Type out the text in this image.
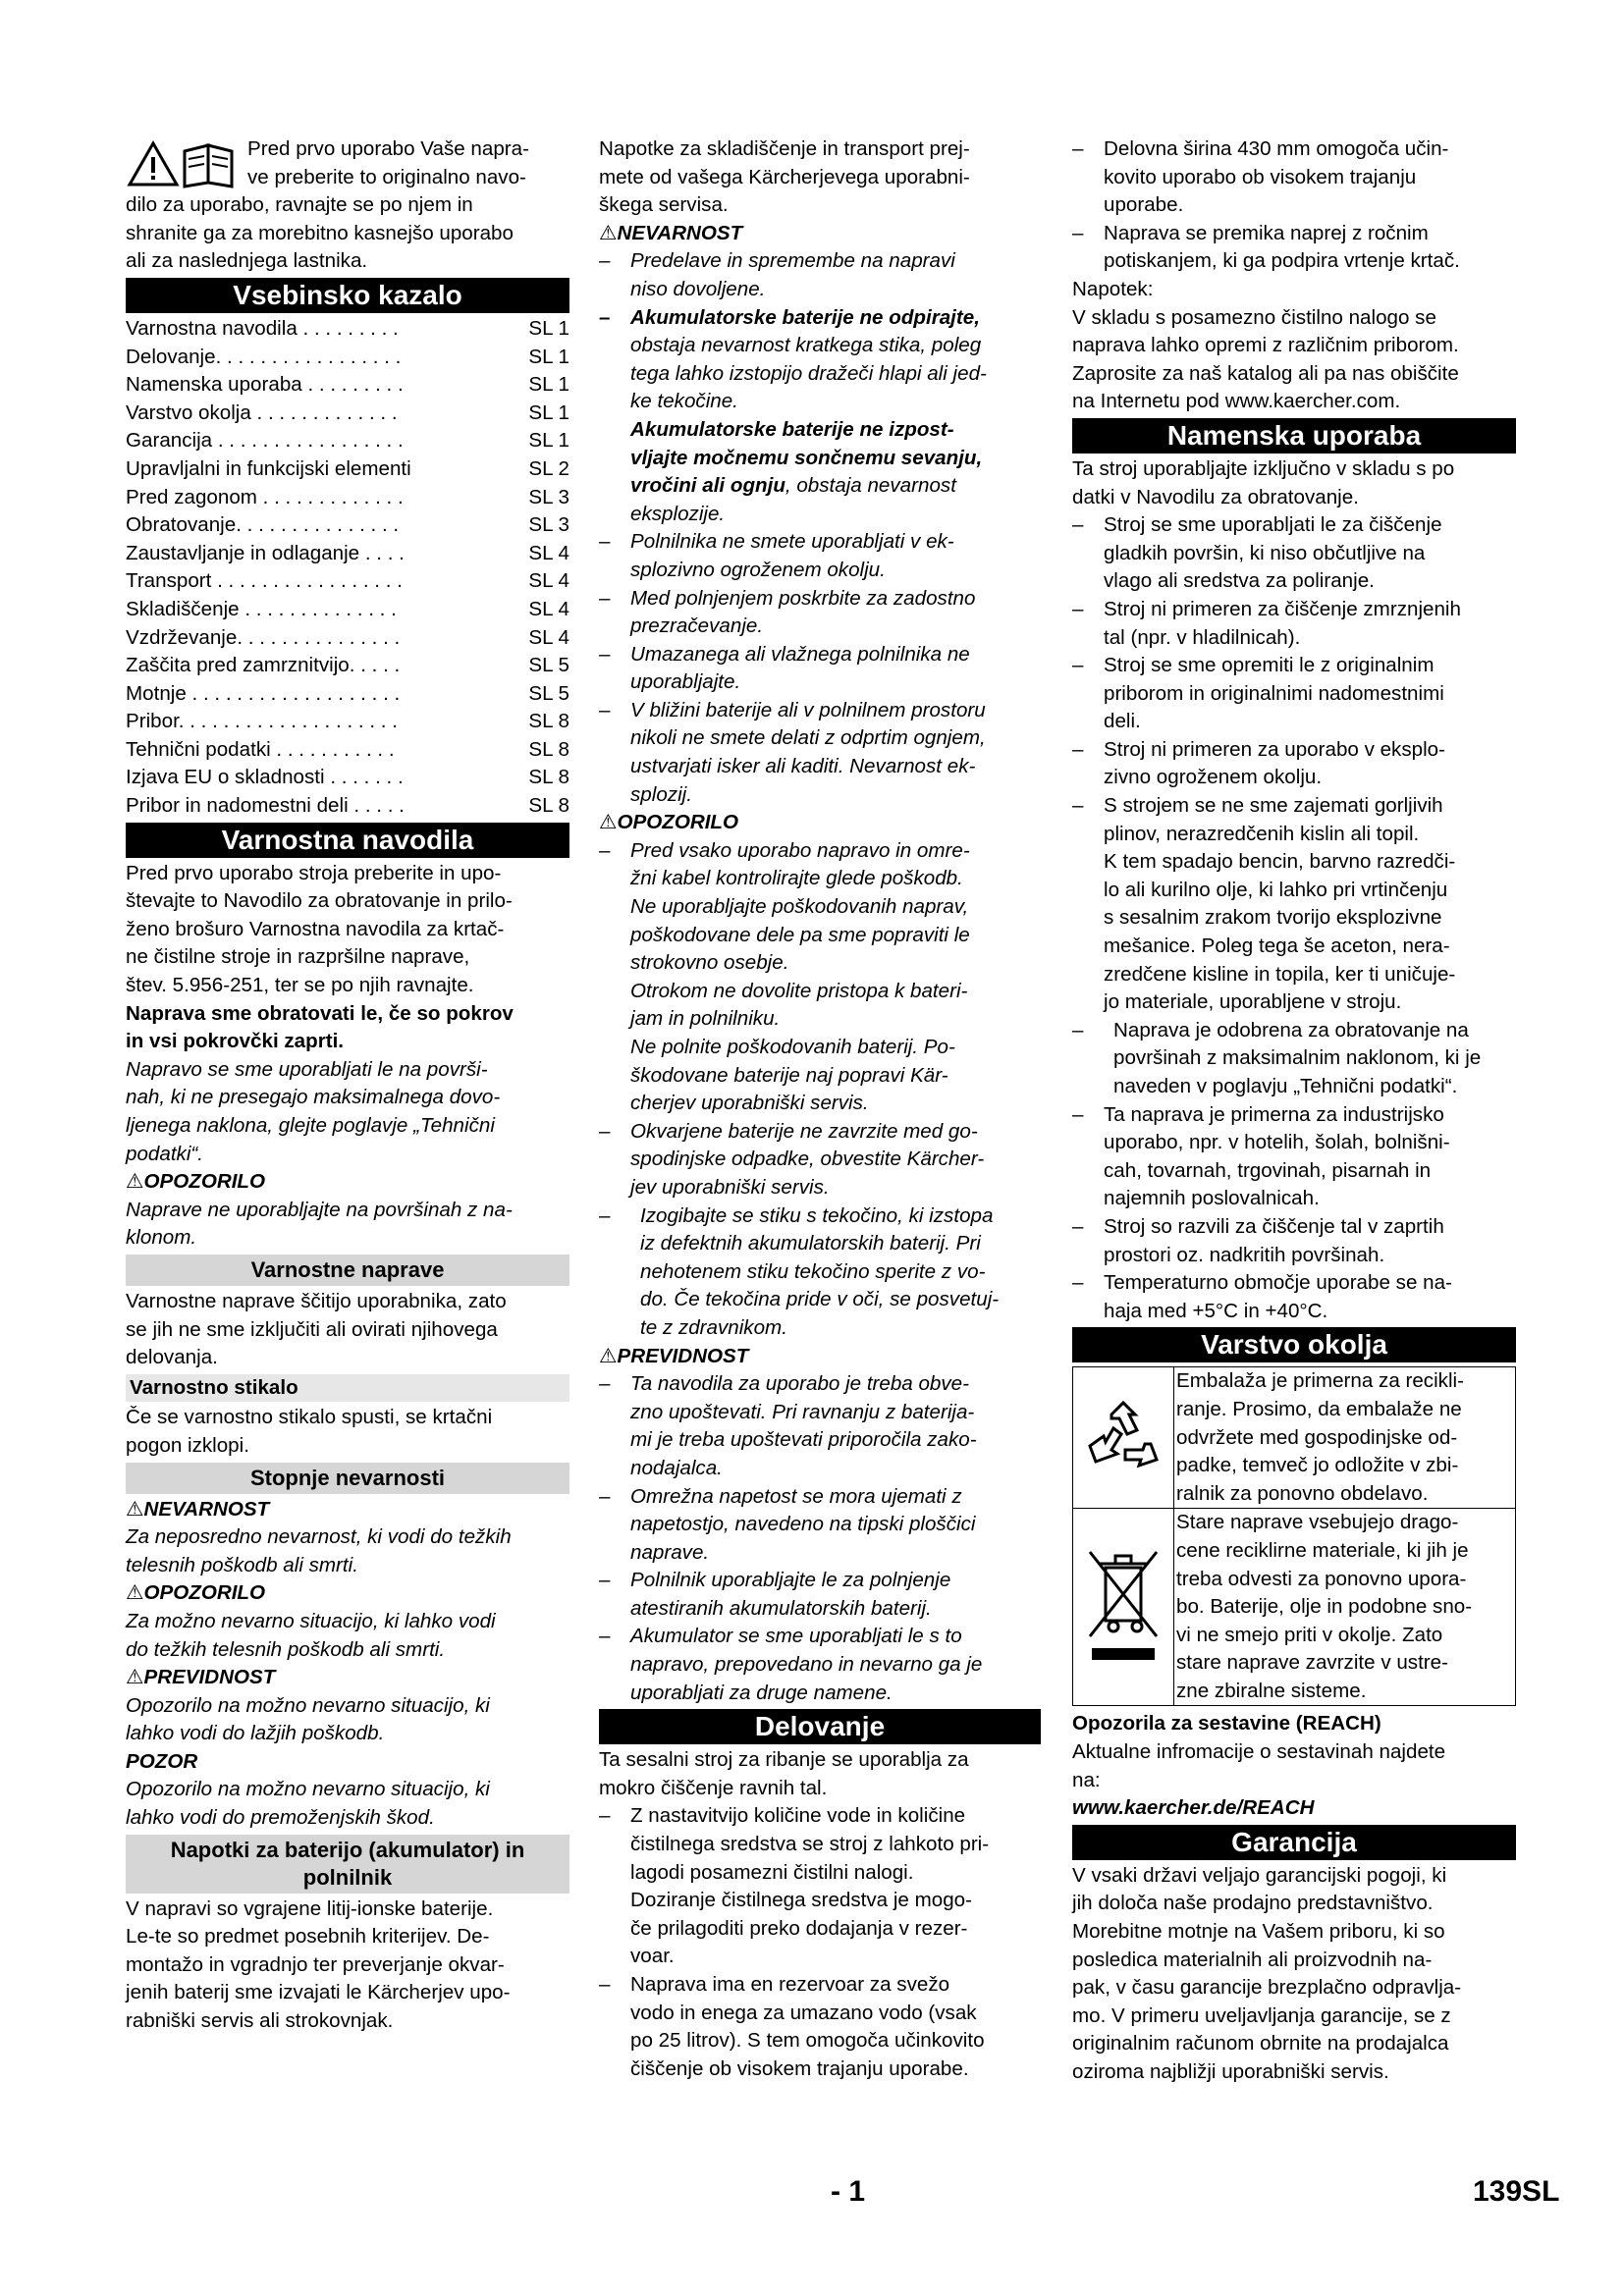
Pred prvo uporabo Vaše napra-

ve preberite to originalno navo-

dilo za uporabo, ravnajte se po njem in

shranite ga za morebitno kasnejšo uporabo

ali za naslednjega lastnika.

Vsebinsko kazalo
Varnostna navodila . . . . . . . . .	SL 1
Delovanje. . . . . . . . . . . . . . . . .	SL 1
Namenska uporaba . . . . . . . . .	SL 1
Varstvo okolja . . . . . . . . . . . . .	SL 1
Garancija . . . . . . . . . . . . . . . . .	SL 1
Upravljalni in funkcijski elementi	SL 2
Pred zagonom . . . . . . . . . . . . .	SL 3
Obratovanje. . . . . . . . . . . . . . .	SL 3
Zaustavljanje in odlaganje . . . .	SL 4
Transport . . . . . . . . . . . . . . . . .	SL 4
Skladiščenje . . . . . . . . . . . . . .	SL 4
Vzdrževanje. . . . . . . . . . . . . . .	SL 4
Zaščita pred zamrznitvijo. . . . .	SL 5
Motnje . . . . . . . . . . . . . . . . . . .	SL 5
Pribor. . . . . . . . . . . . . . . . . . . .	SL 8
Tehnični podatki . . . . . . . . . . .	SL 8
Izjava EU o skladnosti . . . . . . .	SL 8
Pribor in nadomestni deli . . . . .	SL 8
Varnostna navodila

Pred prvo uporabo stroja preberite in upo-

števajte to Navodilo za obratovanje in prilo-

ženo brošuro Varnostna navodila za krtač-

ne čistilne stroje in razpršilne naprave,

štev. 5.956-251, ter se po njih ravnajte.

Naprava sme obratovati le, če so pokrov

in vsi pokrovčki zaprti.

Napravo se sme uporabljati le na površi-

nah, ki ne presegajo maksimalnega dovo-

ljenega naklona, glejte poglavje „Tehnični

podatki“.

⚠OPOZORILO

Naprave ne uporabljajte na površinah z na-

klonom.

Varnostne naprave

Varnostne naprave ščitijo uporabnika, zato

se jih ne sme izključiti ali ovirati njihovega

delovanja.

Varnostno stikalo

Če se varnostno stikalo spusti, se krtačni

pogon izklopi.

Stopnje nevarnosti

⚠NEVARNOST

Za neposredno nevarnost, ki vodi do težkih

telesnih poškodb ali smrti.

⚠OPOZORILO

Za možno nevarno situacijo, ki lahko vodi

do težkih telesnih poškodb ali smrti.

⚠PREVIDNOST

Opozorilo na možno nevarno situacijo, ki

lahko vodi do lažjih poškodb.

POZOR

Opozorilo na možno nevarno situacijo, ki

lahko vodi do premoženjskih škod.

Napotki za baterijo (akumulator) in
polnilnik

V napravi so vgrajene litij-ionske baterije.

Le-te so predmet posebnih kriterijev. De-

montažo in vgradnjo ter preverjanje okvar-

jenih baterij sme izvajati le Kärcherjev upo-

rabniški servis ali strokovnjak.

Napotke za skladiščenje in transport prej-

mete od vašega Kärcherjevega uporabni-

škega servisa.

⚠NEVARNOST

– Predelave in spremembe na napravi
niso dovoljene.
– Akumulatorske baterije ne odpirajte,
obstaja nevarnost kratkega stika, poleg
tega lahko izstopijo dražeči hlapi ali jed-
ke tekočine.
Akumulatorske baterije ne izpost-
vljajte močnemu sončnemu sevanju,
vročini ali ognju, obstaja nevarnost
eksplozije.
– Polnilnika ne smete uporabljati v ek-
splozivno ogroženem okolju.
– Med polnjenjem poskrbite za zadostno
prezračevanje.
– Umazanega ali vlažnega polnilnika ne
uporabljajte.
– V bližini baterije ali v polnilnem prostoru
nikoli ne smete delati z odprtim ognjem,
ustvarjati isker ali kaditi. Nevarnost ek-
splozij.

⚠OPOZORILO

– Pred vsako uporabo napravo in omre-
žni kabel kontrolirajte glede poškodb.
Ne uporabljajte poškodovanih naprav,
poškodovane dele pa sme popraviti le
strokovno osebje.
Otrokom ne dovolite pristopa k bateri-
jam in polnilniku.
Ne polnite poškodovanih baterij. Po-
škodovane baterije naj popravi Kär-
cherjev uporabniški servis.
– Okvarjene baterije ne zavrzite med go-
spodinjske odpadke, obvestite Kärcher-
jev uporabniški servis.
– Izogibajte se stiku s tekočino, ki izstopa
iz defektnih akumulatorskih baterij. Pri
nehotenem stiku tekočino sperite z vo-
do. Če tekočina pride v oči, se posvetuj-
te z zdravnikom.

⚠PREVIDNOST

– Ta navodila za uporabo je treba obve-
zno upoštevati. Pri ravnanju z baterija-
mi je treba upoštevati priporočila zako-
nodajalca.
– Omrežna napetost se mora ujemati z
napetostjo, navedeno na tipski ploščici
naprave.
– Polnilnik uporabljajte le za polnjenje
atestiranih akumulatorskih baterij.
– Akumulator se sme uporabljati le s to
napravo, prepovedano in nevarno ga je
uporabljati za druge namene.
Delovanje

Ta sesalni stroj za ribanje se uporablja za

mokro čiščenje ravnih tal.

– Z nastavitvijo količine vode in količine
čistilnega sredstva se stroj z lahkoto pri-
lagodi posamezni čistilni nalogi.
Doziranje čistilnega sredstva je mogo-
če prilagoditi preko dodajanja v rezer-
voar.
– Naprava ima en rezervoar za svežo
vodo in enega za umazano vodo (vsak
po 25 litrov). S tem omogoča učinkovito
čiščenje ob visokem trajanju uporabe.
– Delovna širina 430 mm omogoča učin-
kovito uporabo ob visokem trajanju
uporabe.
– Naprava se premika naprej z ročnim
potiskanjem, ki ga podpira vrtenje krtač.

Napotek:

V skladu s posamezno čistilno nalogo se

naprava lahko opremi z različnim priborom.

Zaprosite za naš katalog ali pa nas obiščite

na Internetu pod www.kaercher.com.

Namenska uporaba

Ta stroj uporabljajte izključno v skladu s po

datki v Navodilu za obratovanje.

– Stroj se sme uporabljati le za čiščenje
gladkih površin, ki niso občutljive na
vlago ali sredstva za poliranje.
– Stroj ni primeren za čiščenje zmrznjenih
tal (npr. v hladilnicah).
– Stroj se sme opremiti le z originalnim
priborom in originalnimi nadomestnimi
deli.
– Stroj ni primeren za uporabo v eksplo-
zivno ogroženem okolju.
– S strojem se ne sme zajemati gorljivih
plinov, nerazredčenih kislin ali topil.
K tem spadajo bencin, barvno razredči-
lo ali kurilno olje, ki lahko pri vrtinčenju
s sesalnim zrakom tvorijo eksplozivne
mešanice. Poleg tega še aceton, nera-
zredčene kisline in topila, ker ti uničuje-
jo materiale, uporabljene v stroju.
– Naprava je odobrena za obratovanje na
površinah z maksimalnim naklonom, ki je
naveden v poglavju „Tehnični podatki“.
– Ta naprava je primerna za industrijsko
uporabo, npr. v hotelih, šolah, bolnišni-
cah, tovarnah, trgovinah, pisarnah in
najemnih poslovalnicah.
– Stroj so razvili za čiščenje tal v zaprtih
prostori oz. nadkritih površinah.
– Temperaturno območje uporabe se na-
haja med +5°C in +40°C.
Varstvo okolja
Embalaža je primerna za recikli-
ranje. Prosimo, da embalaže ne
odvržete med gospodinjske od-
padke, temveč jo odložite v zbi-
ralnik za ponovno obdelavo.
Stare naprave vsebujejo drago-
cene reciklirne materiale, ki jih je
treba odvesti za ponovno upora-
bo. Baterije, olje in podobne sno-
vi ne smejo priti v okolje. Zato
stare naprave zavrzite v ustre-
zne zbiralne sisteme.

Opozorila za sestavine (REACH)

Aktualne infromacije o sestavinah najdete

na:

www.kaercher.de/REACH

Garancija

V vsaki državi veljajo garancijski pogoji, ki

jih določa naše prodajno predstavništvo.

Morebitne motnje na Vašem priboru, ki so

posledica materialnih ali proizvodnih na-

pak, v času garancije brezplačno odpravlja-

mo. V primeru uveljavljanja garancije, se z

originalnim računom obrnite na prodajalca

oziroma najbližji uporabniški servis.

- 1	139SL
